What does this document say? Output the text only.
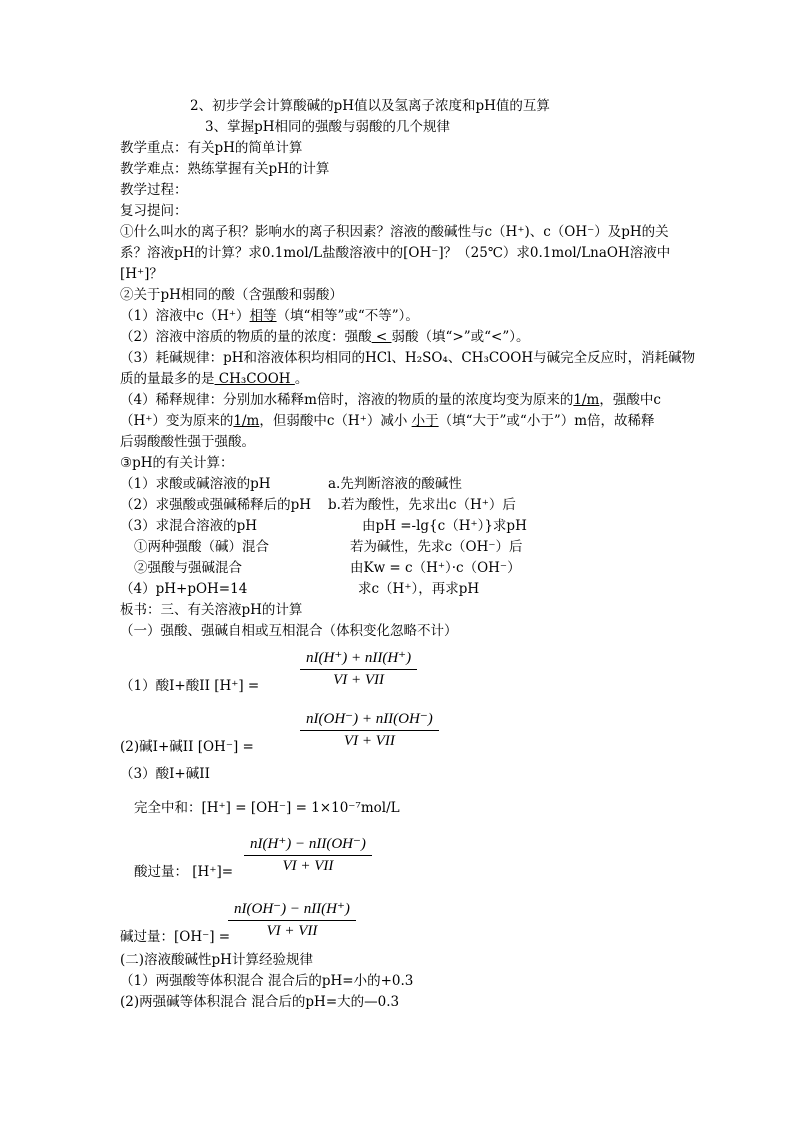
2、初步学会计算酸碱的pH值以及氢离子浓度和pH值的互算
3、掌握pH相同的强酸与弱酸的几个规律
教学重点：有关pH的简单计算
教学难点：熟练掌握有关pH的计算
教学过程：
复习提问：
①什么叫水的离子积？影响水的离子积因素？溶液的酸碱性与c（H⁺)、c（OH⁻）及pH的关
系？溶液pH的计算？求0.1mol/L盐酸溶液中的[OH⁻]？（25℃）求0.1mol/LnaOH溶液中
[H⁺]？
②关于pH相同的酸（含强酸和弱酸）
（1）溶液中c（H⁺）相等（填“相等”或“不等”）。
（2）溶液中溶质的物质的量的浓度：强酸 < 弱酸（填“>”或“<”）。
（3）耗碱规律：pH和溶液体积均相同的HCl、H₂SO₄、CH₃COOH与碱完全反应时，消耗碱物
质的量最多的是 CH₃COOH 。
（4）稀释规律：分别加水稀释m倍时，溶液的物质的量的浓度均变为原来的1/m，强酸中c
（H⁺）变为原来的1/m，但弱酸中c（H⁺）减小 小于（填“大于”或“小于”）m倍，故稀释
后弱酸酸性强于强酸。
③pH的有关计算：
（1）求酸或碱溶液的pH	a.先判断溶液的酸碱性
（2）求强酸或强碱稀释后的pH b.若为酸性，先求出c（H⁺）后
（3）求混合溶液的pH	由pH =-lg{c（H⁺）}求pH
①两种强酸（碱）混合	若为碱性，先求c（OH⁻）后
②强酸与强碱混合	由Kw = c（H⁺）·c（OH⁻）
（4）pH+pOH=14	求c（H⁺），再求pH
板书：三、有关溶液pH的计算
（一）强酸、强碱自相或互相混合（体积变化忽略不计）
（1）酸I+酸II [H⁺] =
nI(H⁺) + nII(H⁺)
VI + VII
(2)碱I+碱II [OH⁻] =
nI(OH⁻) + nII(OH⁻)
VI + VII
（3）酸I+碱II
完全中和：[H⁺] = [OH⁻] = 1×10⁻⁷mol/L
酸过量： [H⁺]=
nI(H⁺) − nII(OH⁻)
VI + VII
碱过量：[OH⁻] =
nI(OH⁻) − nII(H⁺)
VI + VII
(二)溶液酸碱性pH计算经验规律
（1）两强酸等体积混合 混合后的pH=小的+0.3
(2)两强碱等体积混合 混合后的pH=大的—0.3
